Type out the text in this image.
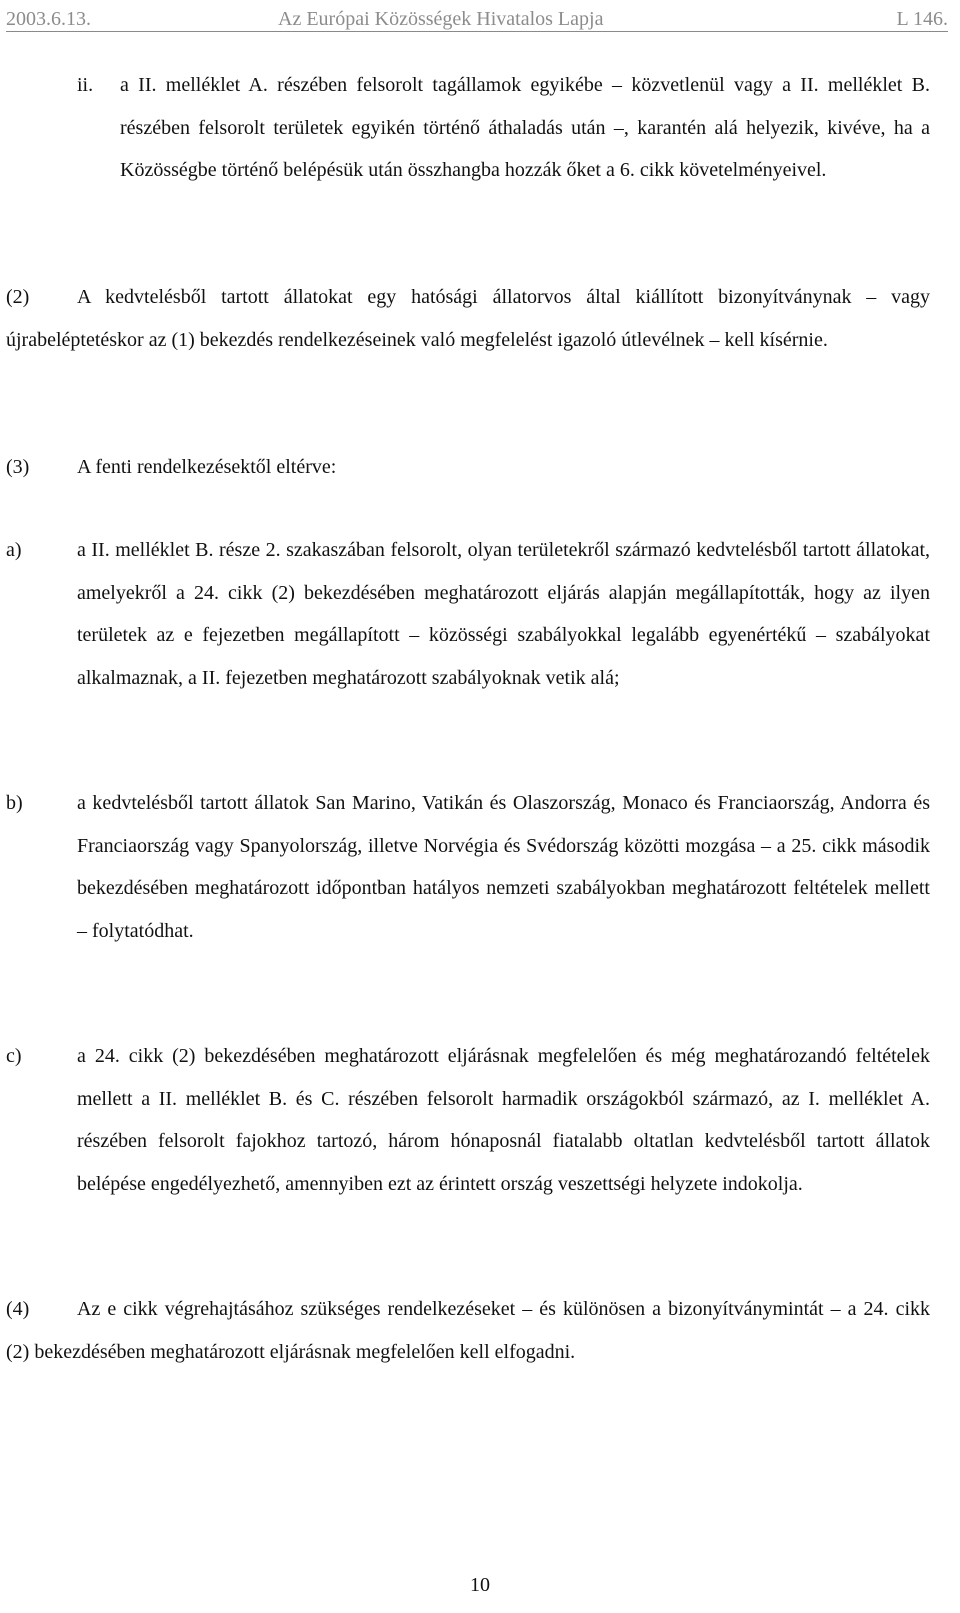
2003.6.13.	Az Európai Közösségek Hivatalos Lapja	L 146.
ii. a II. melléklet A. részében felsorolt tagállamok egyikébe – közvetlenül vagy a II. melléklet B. részében felsorolt területek egyikén történő áthaladás után –, karantén alá helyezik, kivéve, ha a Közösségbe történő belépésük után összhangba hozzák őket a 6. cikk követelményeivel.
(2)	A kedvtelésből tartott állatokat egy hatósági állatorvos által kiállított bizonyítványnak – vagy újrabeléptetéskor az (1) bekezdés rendelkezéseinek való megfelelést igazoló útlevélnek – kell kísérnie.
(3) A fenti rendelkezésektől eltérve:
a)	a II. melléklet B. része 2. szakaszában felsorolt, olyan területekről származó kedvtelésből tartott állatokat, amelyekről a 24. cikk (2) bekezdésében meghatározott eljárás alapján megállapították, hogy az ilyen területek az e fejezetben megállapított – közösségi szabályokkal legalább egyenértékű – szabályokat alkalmaznak, a II. fejezetben meghatározott szabályoknak vetik alá;
b)	a kedvtelésből tartott állatok San Marino, Vatikán és Olaszország, Monaco és Franciaország, Andorra és Franciaország vagy Spanyolország, illetve Norvégia és Svédország közötti mozgása – a 25. cikk második bekezdésében meghatározott időpontban hatályos nemzeti szabályokban meghatározott feltételek mellett – folytatódhat.
c)	a 24. cikk (2) bekezdésében meghatározott eljárásnak megfelelően és még meghatározandó feltételek mellett a II. melléklet B. és C. részében felsorolt harmadik országokból származó, az I. melléklet A. részében felsorolt fajokhoz tartozó, három hónaposnál fiatalabb oltatlan kedvtelésből tartott állatok belépése engedélyezhető, amennyiben ezt az érintett ország veszettségi helyzete indokolja.
(4)	Az e cikk végrehajtásához szükséges rendelkezéseket – és különösen a bizonyítványmintát – a 24. cikk (2) bekezdésében meghatározott eljárásnak megfelelően kell elfogadni.
10
